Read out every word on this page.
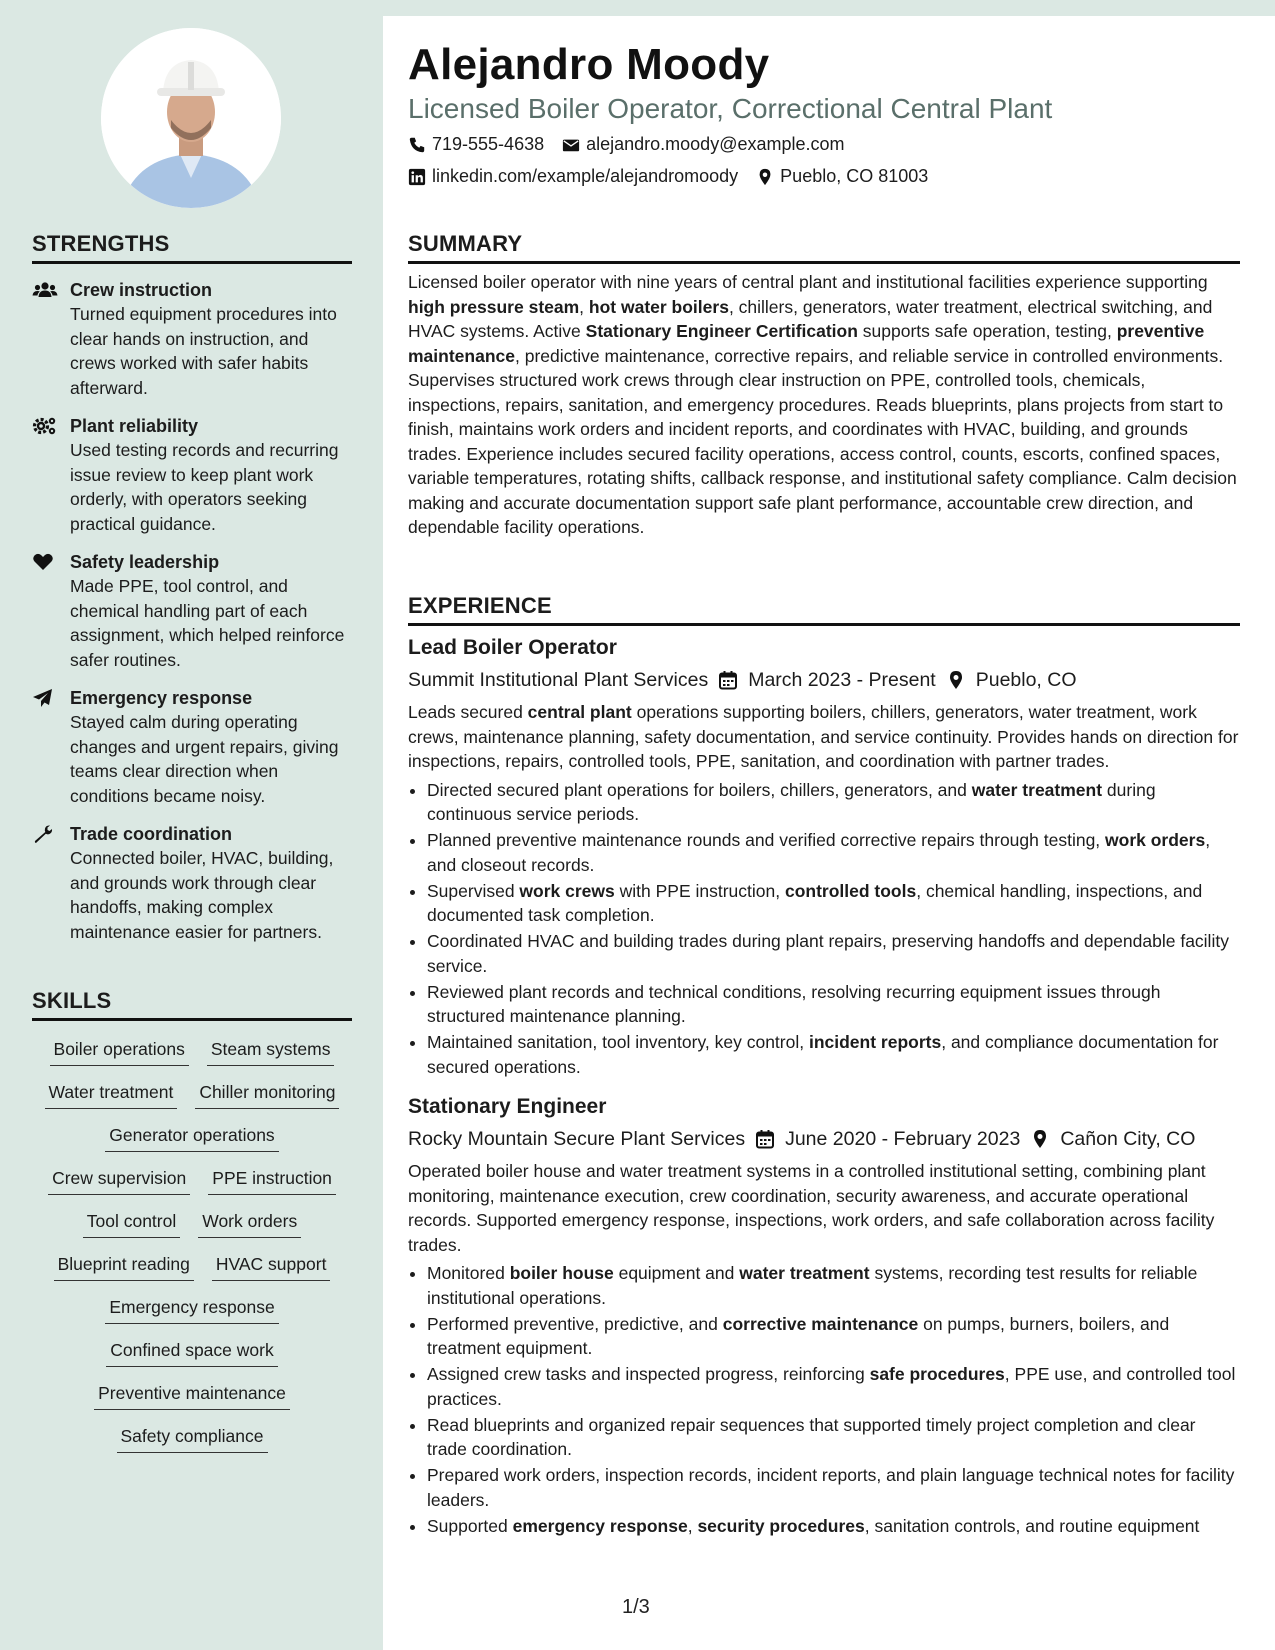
STRENGTHS
Crew instruction
Turned equipment procedures into clear hands on instruction, and crews worked with safer habits afterward.
Plant reliability
Used testing records and recurring issue review to keep plant work orderly, with operators seeking practical guidance.
Safety leadership
Made PPE, tool control, and chemical handling part of each assignment, which helped reinforce safer routines.
Emergency response
Stayed calm during operating changes and urgent repairs, giving teams clear direction when conditions became noisy.
Trade coordination
Connected boiler, HVAC, building, and grounds work through clear handoffs, making complex maintenance easier for partners.
SKILLS
Boiler operations Steam systems
Water treatment Chiller monitoring
Generator operations
Crew supervision PPE instruction
Tool control Work orders
Blueprint reading HVAC support
Emergency response
Confined space work
Preventive maintenance
Safety compliance
Alejandro Moody
Licensed Boiler Operator, Correctional Central Plant
719-555-4638 alejandro.moody@example.com
linkedin.com/example/alejandromoody Pueblo, CO 81003
SUMMARY

Licensed boiler operator with nine years of central plant and institutional facilities experience supporting high pressure steam, hot water boilers, chillers, generators, water treatment, electrical switching, and HVAC systems. Active Stationary Engineer Certification supports safe operation, testing, preventive maintenance, predictive maintenance, corrective repairs, and reliable service in controlled environments. Supervises structured work crews through clear instruction on PPE, controlled tools, chemicals, inspections, repairs, sanitation, and emergency procedures. Reads blueprints, plans projects from start to finish, maintains work orders and incident reports, and coordinates with HVAC, building, and grounds trades. Experience includes secured facility operations, access control, counts, escorts, confined spaces, variable temperatures, rotating shifts, callback response, and institutional safety compliance. Calm decision making and accurate documentation support safe plant performance, accountable crew direction, and dependable facility operations.

EXPERIENCE
Lead Boiler Operator
Summit Institutional Plant Services March 2023 - Present Pueblo, CO

Leads secured central plant operations supporting boilers, chillers, generators, water treatment, work crews, maintenance planning, safety documentation, and service continuity. Provides hands on direction for inspections, repairs, controlled tools, PPE, sanitation, and coordination with partner trades.

• Directed secured plant operations for boilers, chillers, generators, and water treatment during continuous service periods.
• Planned preventive maintenance rounds and verified corrective repairs through testing, work orders, and closeout records.
• Supervised work crews with PPE instruction, controlled tools, chemical handling, inspections, and documented task completion.
• Coordinated HVAC and building trades during plant repairs, preserving handoffs and dependable facility service.
• Reviewed plant records and technical conditions, resolving recurring equipment issues through structured maintenance planning.
• Maintained sanitation, tool inventory, key control, incident reports, and compliance documentation for secured operations.
Stationary Engineer
Rocky Mountain Secure Plant Services June 2020 - February 2023 Cañon City, CO

Operated boiler house and water treatment systems in a controlled institutional setting, combining plant monitoring, maintenance execution, crew coordination, security awareness, and accurate operational records. Supported emergency response, inspections, work orders, and safe collaboration across facility trades.

• Monitored boiler house equipment and water treatment systems, recording test results for reliable institutional operations.
• Performed preventive, predictive, and corrective maintenance on pumps, burners, boilers, and treatment equipment.
• Assigned crew tasks and inspected progress, reinforcing safe procedures, PPE use, and controlled tool practices.
• Read blueprints and organized repair sequences that supported timely project completion and clear trade coordination.
• Prepared work orders, inspection records, incident reports, and plain language technical notes for facility leaders.
• Supported emergency response, security procedures, sanitation controls, and routine equipment
1/3
